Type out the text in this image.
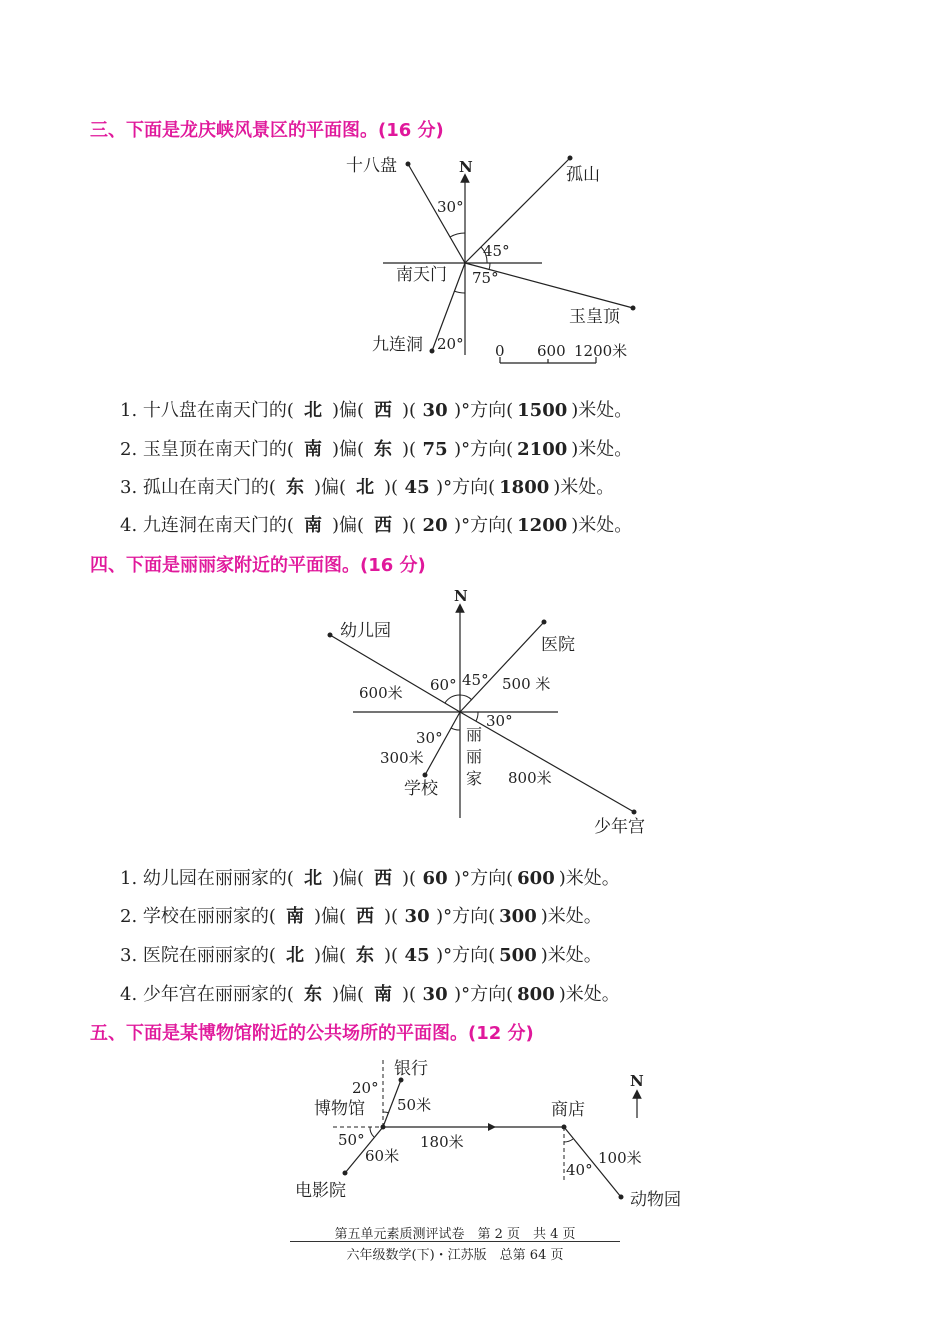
三、下面是龙庆峡风景区的平面图。(16 分)
N
十八盘	孤山
玉皇顶
九连洞
南天门
30°
45°
75°
20° 0 600 1200米
1. 十八盘在南天门的( 北 )偏( 西 )( 30 )°方向( 1500 )米处。
2. 玉皇顶在南天门的( 南 )偏( 东 )( 75 )°方向( 2100 )米处。
3. 孤山在南天门的( 东 )偏( 北 )( 45 )°方向( 1800 )米处。
4. 九连洞在南天门的( 南 )偏( 西 )( 20 )°方向( 1200 )米处。
四、下面是丽丽家附近的平面图。(16 分)
N
幼儿园
医院
学校
少年宫
600米	500 米
300米
800米
60° 45°
30°
30° 丽
丽
家
1. 幼儿园在丽丽家的( 北 )偏( 西 )( 60 )°方向( 600 )米处。
2. 学校在丽丽家的( 南 )偏( 西 )( 30 )°方向( 300 )米处。
3. 医院在丽丽家的( 北 )偏( 东 )( 45 )°方向( 500 )米处。
4. 少年宫在丽丽家的( 东 )偏( 南 )( 30 )°方向( 800 )米处。
五、下面是某博物馆附近的公共场所的平面图。(12 分)
N
银行
博物馆	商店
电影院	动物园
50米
180米
60米	100米
20°
50°
40°
第五单元素质测评试卷　第 2 页　共 4 页
六年级数学(下)・江苏版　总第 64 页
